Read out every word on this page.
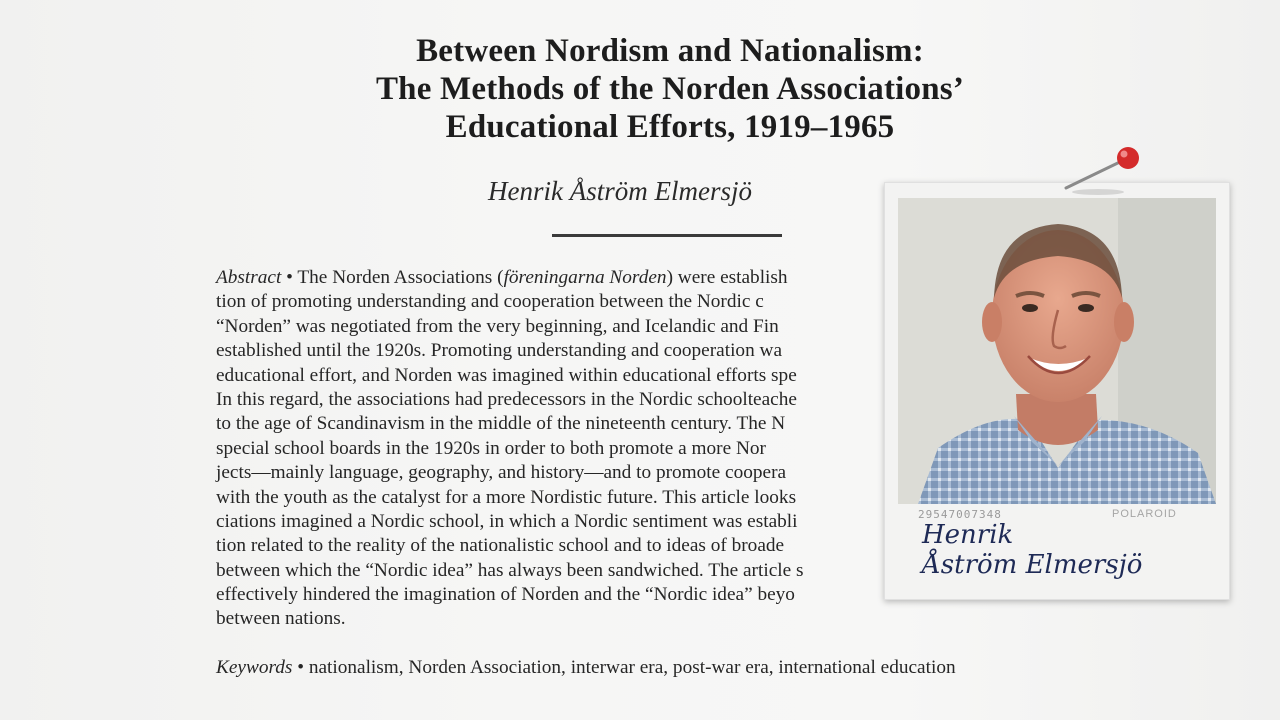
Between Nordism and Nationalism:
The Methods of the Norden Associations’
Educational Efforts, 1919–1965
Henrik Åström Elmersjö
Abstract • The Norden Associations (föreningarna Norden) were establish
tion of promoting understanding and cooperation between the Nordic c
“Norden” was negotiated from the very beginning, and Icelandic and Fin
established until the 1920s. Promoting understanding and cooperation wa
educational effort, and Norden was imagined within educational efforts spe
In this regard, the associations had predecessors in the Nordic schoolteache
to the age of Scandinavism in the middle of the nineteenth century. The N
special school boards in the 1920s in order to both promote a more Nor
jects—mainly language, geography, and history—and to promote coopera
with the youth as the catalyst for a more Nordistic future. This article looks
ciations imagined a Nordic school, in which a Nordic sentiment was establi
tion related to the reality of the nationalistic school and to ideas of broade
between which the “Nordic idea” has always been sandwiched. The article s
effectively hindered the imagination of Norden and the “Nordic idea” beyo
between nations.
Keywords • nationalism, Norden Association, interwar era, post-war era, international education
29547007348	POLAROID
Henrik
Åström Elmersjö
